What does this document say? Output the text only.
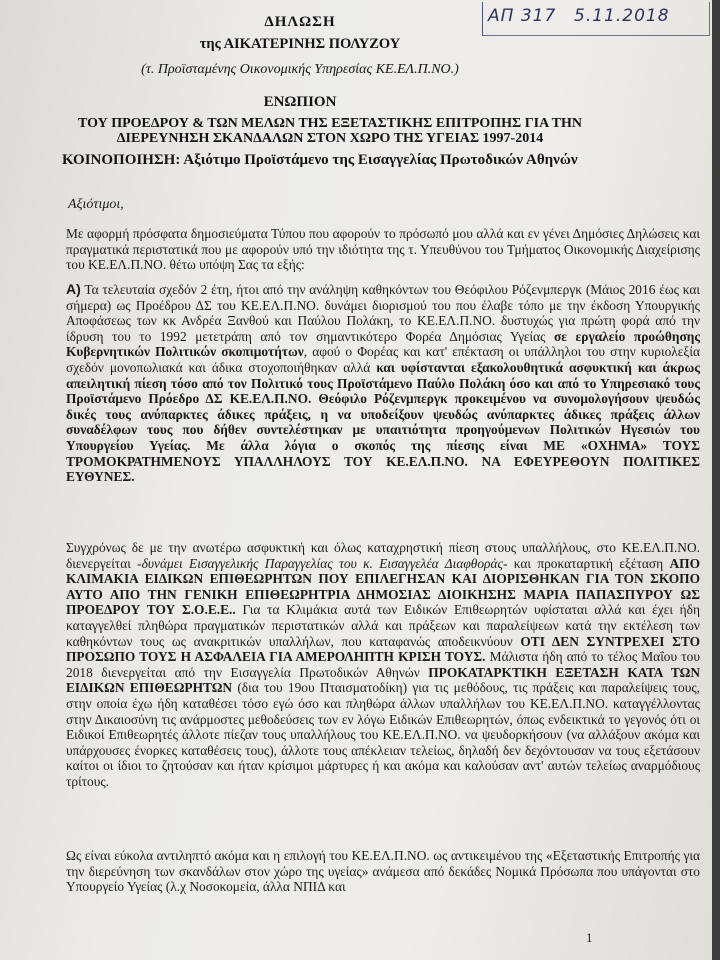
ΑΠ 317 5.11.2018
ΔΗΛΩΣΗ
της ΑΙΚΑΤΕΡΙΝΗΣ ΠΟΛΥΖΟΥ
(τ. Προϊσταμένης Οικονομικής Υπηρεσίας ΚΕ.ΕΛ.Π.ΝΟ.)
ΕΝΩΠΙΟΝ
ΤΟΥ ΠΡΟΕΔΡΟΥ & ΤΩΝ ΜΕΛΩΝ ΤΗΣ ΕΞΕΤΑΣΤΙΚΗΣ ΕΠΙΤΡΟΠΗΣ ΓΙΑ ΤΗΝ
ΔΙΕΡΕΥΝΗΣΗ ΣΚΑΝΔΑΛΩΝ ΣΤΟΝ ΧΩΡΟ ΤΗΣ ΥΓΕΙΑΣ 1997-2014
ΚΟΙΝΟΠΟΙΗΣΗ: Αξιότιμο Προϊστάμενο της Εισαγγελίας Πρωτοδικών Αθηνών
Αξιότιμοι,
Με αφορμή πρόσφατα δημοσιεύματα Τύπου που αφορούν το πρόσωπό μου αλλά και εν γένει Δημόσιες Δηλώσεις και πραγματικά περιστατικά που με αφορούν υπό την ιδιότητα της τ. Υπευθύνου του Τμήματος Οικονομικής Διαχείρισης του ΚΕ.ΕΛ.Π.ΝΟ. θέτω υπόψη Σας τα εξής:
Α) Τα τελευταία σχεδόν 2 έτη, ήτοι από την ανάληψη καθηκόντων του Θεόφιλου Ρόζενμπεργκ (Μάιος 2016 έως και σήμερα) ως Προέδρου ΔΣ του ΚΕ.ΕΛ.Π.ΝΟ. δυνάμει διορισμού του που έλαβε τόπο με την έκδοση Υπουργικής Αποφάσεως των κκ Ανδρέα Ξανθού και Παύλου Πολάκη, το ΚΕ.ΕΛ.Π.ΝΟ. δυστυχώς για πρώτη φορά από την ίδρυση του το 1992 μετετράπη από τον σημαντικότερο Φορέα Δημόσιας Υγείας σε εργαλείο προώθησης Κυβερνητικών Πολιτικών σκοπιμοτήτων, αφού ο Φορέας και κατ' επέκταση οι υπάλληλοι του στην κυριολεξία σχεδόν μονοπωλιακά και άδικα στοχοποιήθηκαν αλλά και υφίστανται εξακολουθητικά ασφυκτική και άκρως απειλητική πίεση τόσο από τον Πολιτικό τους Προϊστάμενο Παύλο Πολάκη όσο και από το Υπηρεσιακό τους Προϊστάμενο Πρόεδρο ΔΣ ΚΕ.ΕΛ.Π.ΝΟ. Θεόφιλο Ρόζενμπεργκ προκειμένου να συνομολογήσουν ψευδώς δικές τους ανύπαρκτες άδικες πράξεις, η να υποδείξουν ψευδώς ανύπαρκτες άδικες πράξεις άλλων συναδέλφων τους που δήθεν συντελέστηκαν με υπαιτιότητα προηγούμενων Πολιτικών Ηγεσιών του Υπουργείου Υγείας. Με άλλα λόγια ο σκοπός της πίεσης είναι ΜΕ «ΟΧΗΜΑ» ΤΟΥΣ ΤΡΟΜΟΚΡΑΤΗΜΕΝΟΥΣ ΥΠΑΛΛΗΛΟΥΣ ΤΟΥ ΚΕ.ΕΛ.Π.ΝΟ. ΝΑ ΕΦΕΥΡΕΘΟΥΝ ΠΟΛΙΤΙΚΕΣ ΕΥΘΥΝΕΣ.
Συγχρόνως δε με την ανωτέρω ασφυκτική και όλως καταχρηστική πίεση στους υπαλλήλους, στο ΚΕ.ΕΛ.Π.ΝΟ. διενεργείται -δυνάμει Εισαγγελικής Παραγγελίας του κ. Εισαγγελέα Διαφθοράς- και προκαταρτική εξέταση ΑΠΟ ΚΛΙΜΑΚΙΑ ΕΙΔΙΚΩΝ ΕΠΙΘΕΩΡΗΤΩΝ ΠΟΥ ΕΠΙΛΕΓΗΣΑΝ ΚΑΙ ΔΙΟΡΙΣΘΗΚΑΝ ΓΙΑ ΤΟΝ ΣΚΟΠΟ ΑΥΤΟ ΑΠΟ ΤΗΝ ΓΕΝΙΚΗ ΕΠΙΘΕΩΡΗΤΡΙΑ ΔΗΜΟΣΙΑΣ ΔΙΟΙΚΗΣΗΣ ΜΑΡΙΑ ΠΑΠΑΣΠΥΡΟΥ ΩΣ ΠΡΟΕΔΡΟΥ ΤΟΥ Σ.Ο.Ε.Ε.. Για τα Κλιμάκια αυτά των Ειδικών Επιθεωρητών υφίσταται αλλά και έχει ήδη καταγγελθεί πληθώρα πραγματικών περιστατικών αλλά και πράξεων και παραλείψεων κατά την εκτέλεση των καθηκόντων τους ως ανακριτικών υπαλλήλων, που καταφανώς αποδεικνύουν ΟΤΙ ΔΕΝ ΣΥΝΤΡΕΧΕΙ ΣΤΟ ΠΡΟΣΩΠΟ ΤΟΥΣ Η ΑΣΦΑΛΕΙΑ ΓΙΑ ΑΜΕΡΟΛΗΠΤΗ ΚΡΙΣΗ ΤΟΥΣ. Μάλιστα ήδη από το τέλος Μαΐου του 2018 διενεργείται από την Εισαγγελία Πρωτοδικών Αθηνών ΠΡΟΚΑΤΑΡΚΤΙΚΗ ΕΞΕΤΑΣΗ ΚΑΤΑ ΤΩΝ ΕΙΔΙΚΩΝ ΕΠΙΘΕΩΡΗΤΩΝ (δια του 19ου Πταισματοδίκη) για τις μεθόδους, τις πράξεις και παραλείψεις τους, στην οποία έχω ήδη καταθέσει τόσο εγώ όσο και πληθώρα άλλων υπαλλήλων του ΚΕ.ΕΛ.Π.ΝΟ. καταγγέλλοντας στην Δικαιοσύνη τις ανάρμοστες μεθοδεύσεις των εν λόγω Ειδικών Επιθεωρητών, όπως ενδεικτικά το γεγονός ότι οι Ειδικοί Επιθεωρητές άλλοτε πίεζαν τους υπαλλήλους του ΚΕ.ΕΛ.Π.ΝΟ. να ψευδορκήσουν (να αλλάξουν ακόμα και υπάρχουσες ένορκες καταθέσεις τους), άλλοτε τους απέκλειαν τελείως, δηλαδή δεν δεχόντουσαν να τους εξετάσουν καίτοι οι ίδιοι το ζητούσαν και ήταν κρίσιμοι μάρτυρες ή και ακόμα και καλούσαν αντ' αυτών τελείως αναρμόδιους τρίτους.
Ως είναι εύκολα αντιληπτό ακόμα και η επιλογή του ΚΕ.ΕΛ.Π.ΝΟ. ως αντικειμένου της «Εξεταστικής Επιτροπής για την διερεύνηση των σκανδάλων στον χώρο της υγείας» ανάμεσα από δεκάδες Νομικά Πρόσωπα που υπάγονται στο Υπουργείο Υγείας (λ.χ Νοσοκομεία, άλλα ΝΠΙΔ και
1
